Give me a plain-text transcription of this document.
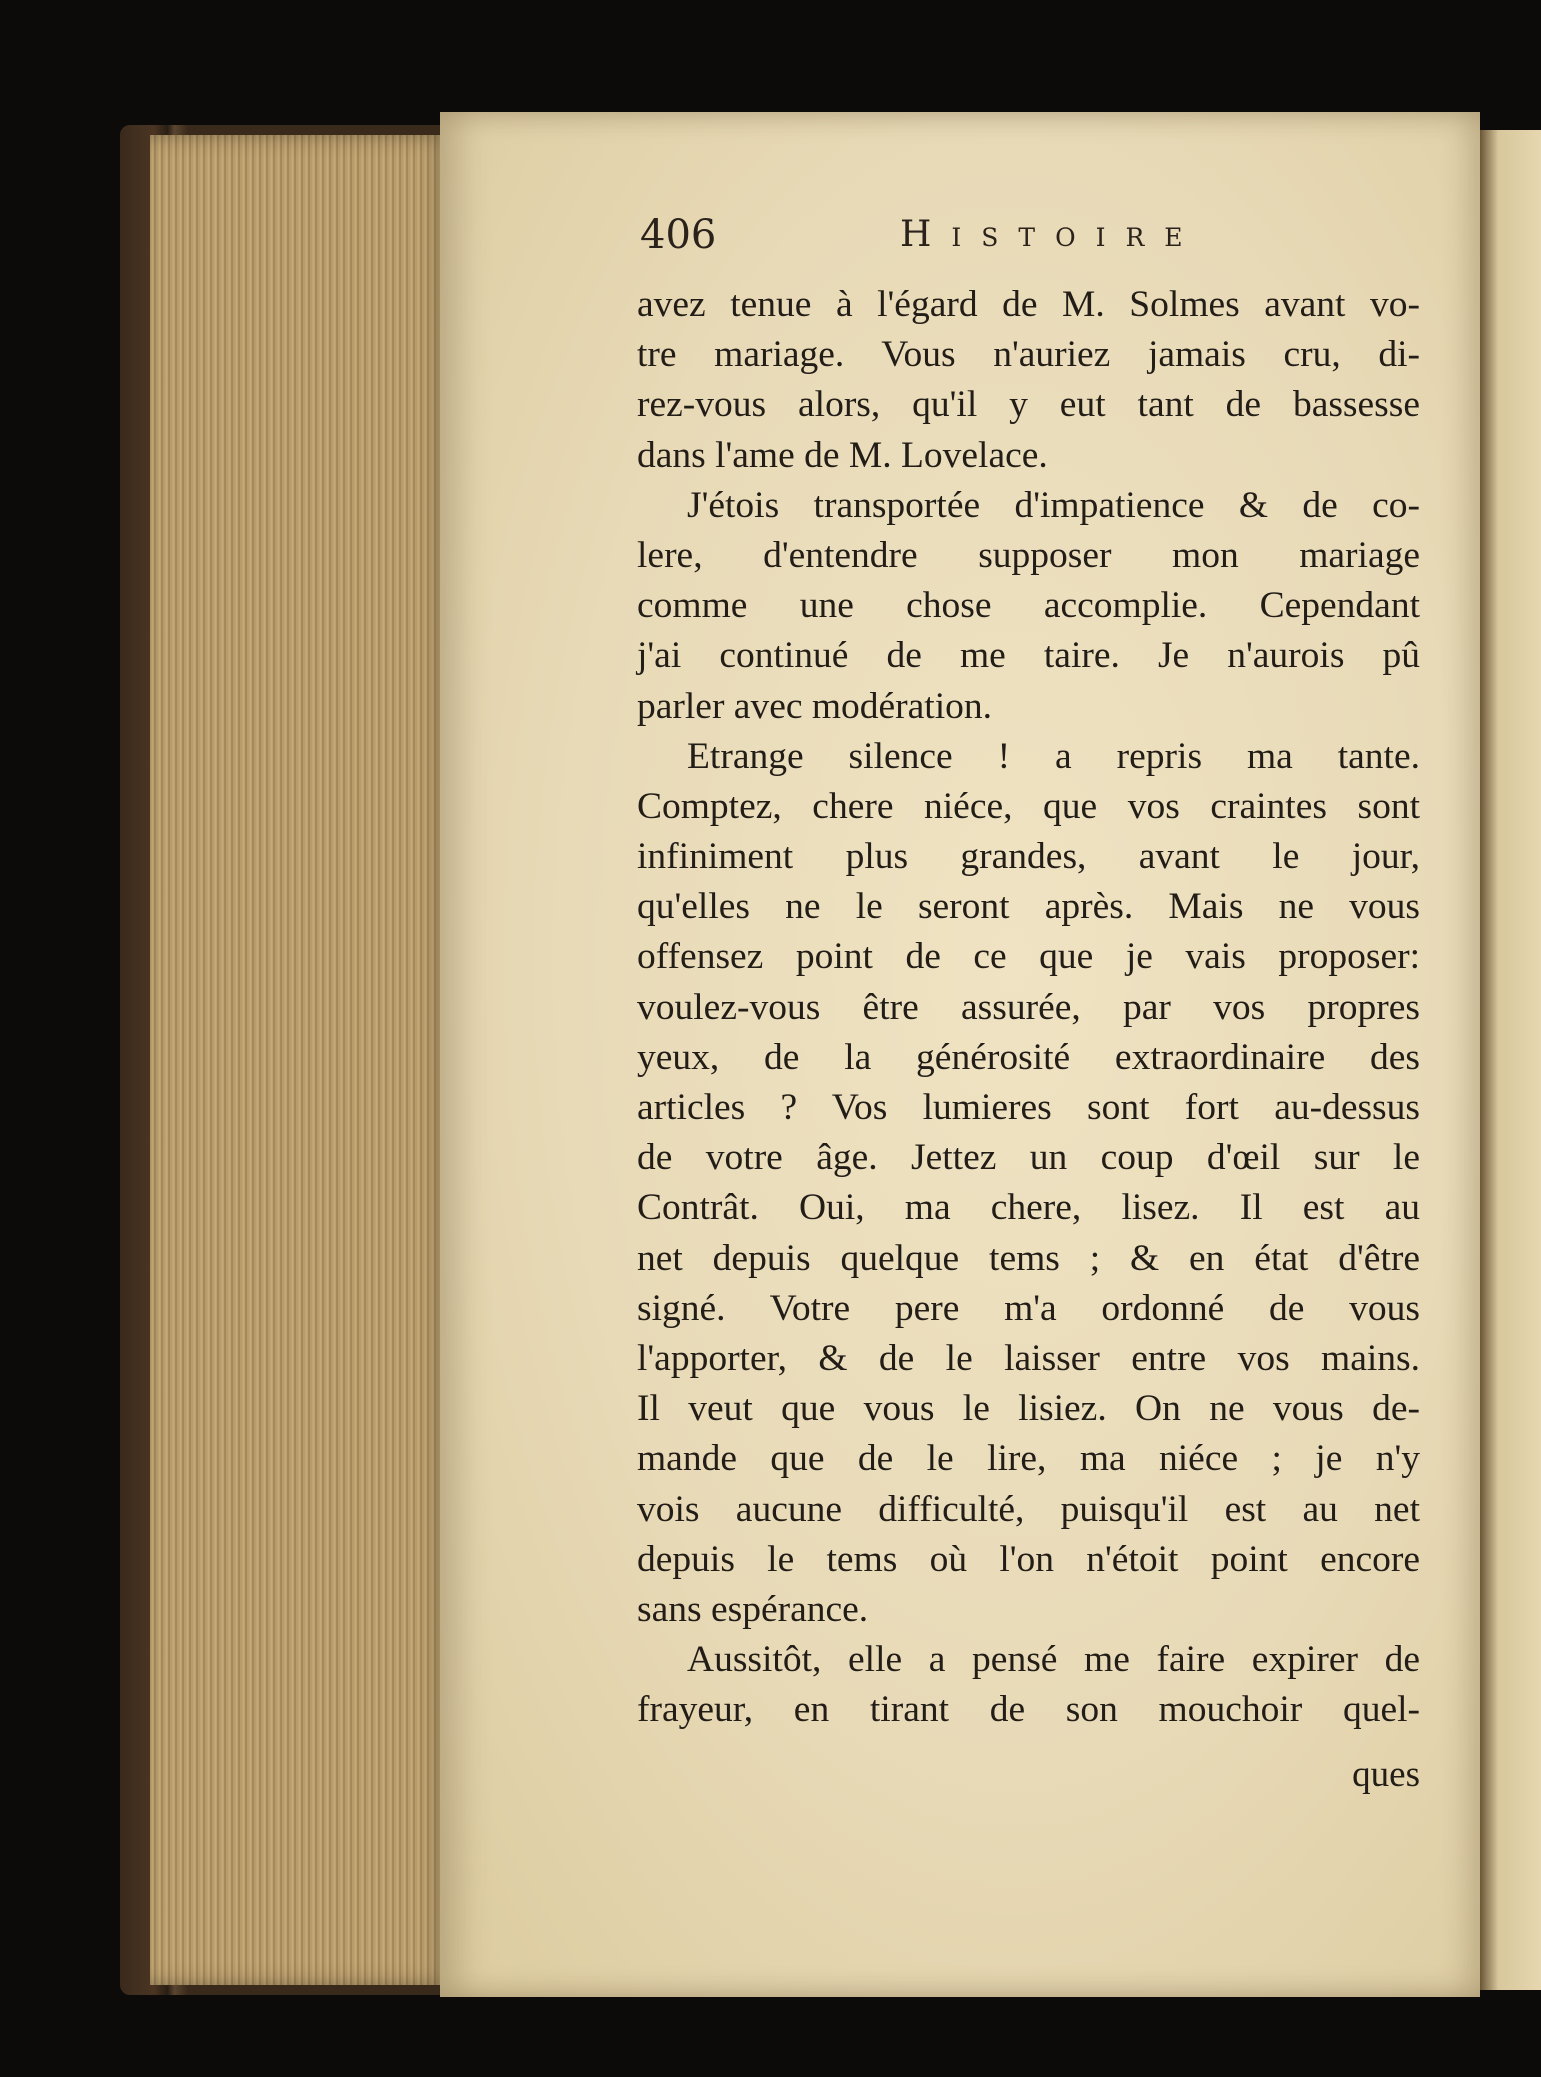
406	Histoire
avez tenue à l'égard de M. Solmes avant vo-
tre mariage. Vous n'auriez jamais cru, di-
rez-vous alors, qu'il y eut tant de bassesse
dans l'ame de M. Lovelace.
J'étois transportée d'impatience & de co-
lere, d'entendre supposer mon mariage
comme une chose accomplie. Cependant
j'ai continué de me taire. Je n'aurois pû
parler avec modération.
Etrange silence ! a repris ma tante.
Comptez, chere niéce, que vos craintes sont
infiniment plus grandes, avant le jour,
qu'elles ne le seront après. Mais ne vous
offensez point de ce que je vais proposer:
voulez-vous être assurée, par vos propres
yeux, de la générosité extraordinaire des
articles ? Vos lumieres sont fort au-dessus
de votre âge. Jettez un coup d'œil sur le
Contrât. Oui, ma chere, lisez. Il est au
net depuis quelque tems ; & en état d'être
signé. Votre pere m'a ordonné de vous
l'apporter, & de le laisser entre vos mains.
Il veut que vous le lisiez. On ne vous de-
mande que de le lire, ma niéce ; je n'y
vois aucune difficulté, puisqu'il est au net
depuis le tems où l'on n'étoit point encore
sans espérance.
Aussitôt, elle a pensé me faire expirer de
frayeur, en tirant de son mouchoir quel-
ques
